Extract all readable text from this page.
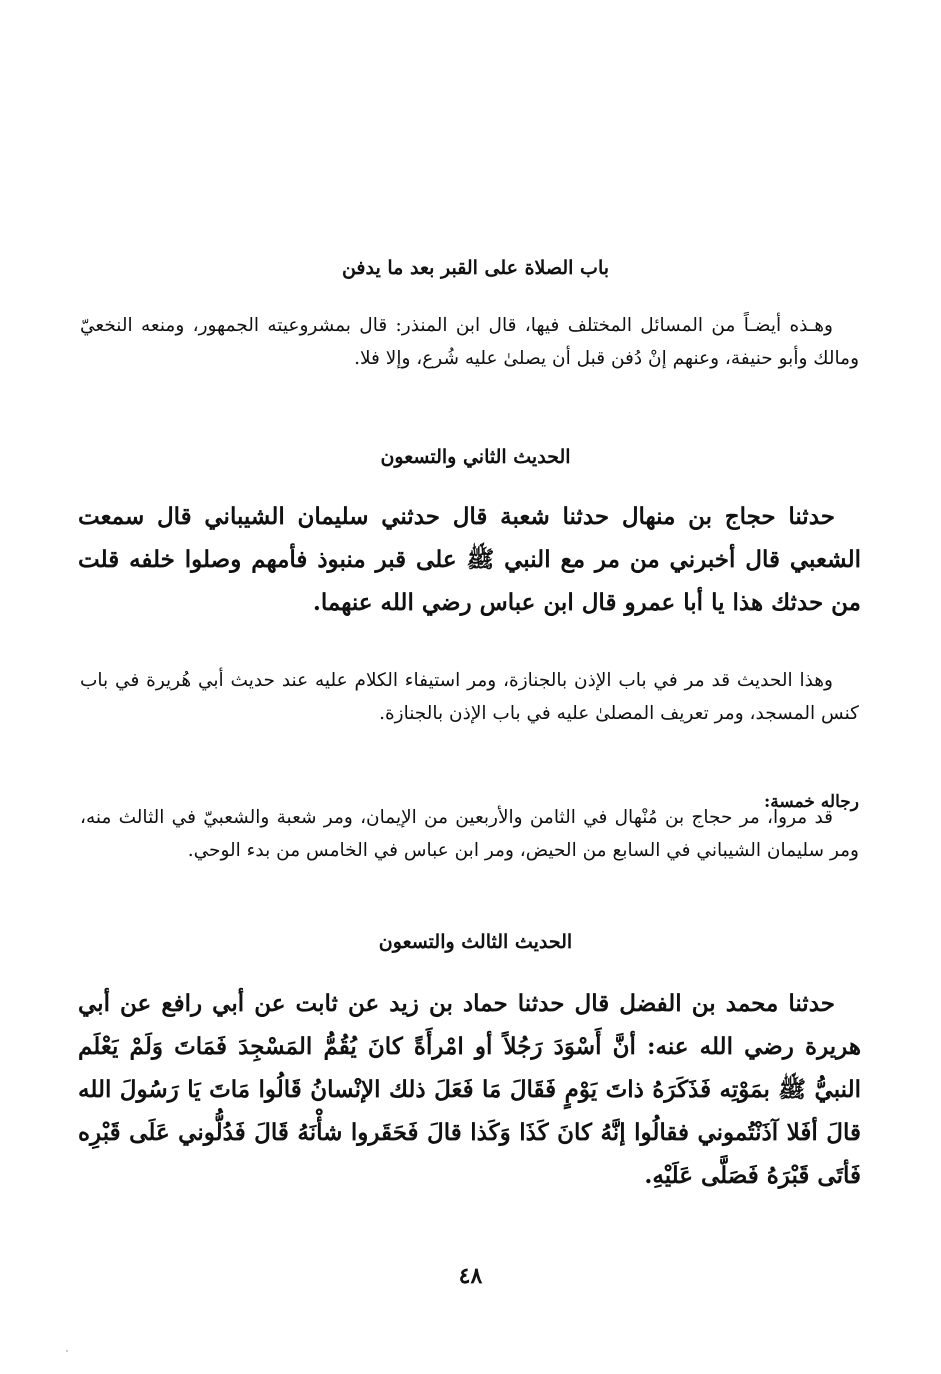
باب الصلاة على القبر بعد ما يدفن
وهـذه أيضـاً من المسائل المختلف فيها، قال ابن المنذر: قال بمشروعيته الجمهور، ومنعه النخعيّ ومالك وأبو حنيفة، وعنهم إنْ دُفن قبل أن يصلىٰ عليه شُرع، وإلا فلا.
الحديث الثاني والتسعون
حدثنا حجاج بن منهال حدثنا شعبة قال حدثني سليمان الشيباني قال سمعت الشعبي قال أخبرني من مر مع النبي ﷺ على قبر منبوذ فأمهم وصلوا خلفه قلت من حدثك هذا يا أبا عمرو قال ابن عباس رضي الله عنهما.
وهذا الحديث قد مر في باب الإذن بالجنازة، ومر استيفاء الكلام عليه عند حديث أبي هُريرة في باب كنس المسجد، ومر تعريف المصلىٰ عليه في باب الإذن بالجنازة.
رجاله خمسة:
قد مروا، مر حجاج بن مُنْهال في الثامن والأربعين من الإيمان، ومر شعبة والشعبيّ في الثالث منه، ومر سليمان الشيباني في السابع من الحيض، ومر ابن عباس في الخامس من بدء الوحي.
الحديث الثالث والتسعون
حدثنا محمد بن الفضل قال حدثنا حماد بن زيد عن ثابت عن أبي رافع عن أبي هريرة رضي الله عنه: أنَّ أَسْوَدَ رَجُلاً أو امْرأَةً كانَ يُقُمُّ المَسْجِدَ فَمَاتَ وَلَمْ يَعْلَم النبيُّ ﷺ بمَوْتِه فَذَكَرَهُ ذاتَ يَوْمٍ فَقَالَ مَا فَعَلَ ذلك الإنْسانُ قَالُوا مَاتَ يَا رَسُولَ الله قالَ أفَلا آذَنْتُموني فقالُوا إنَّهُ كانَ كَذَا وَكَذا قالَ فَحَقَروا شأْنَهُ قَالَ فَدُلُّوني عَلَى قَبْرِه فَأتَى قَبْرَهُ فَصَلَّى عَلَيْهِ.
٤٨
